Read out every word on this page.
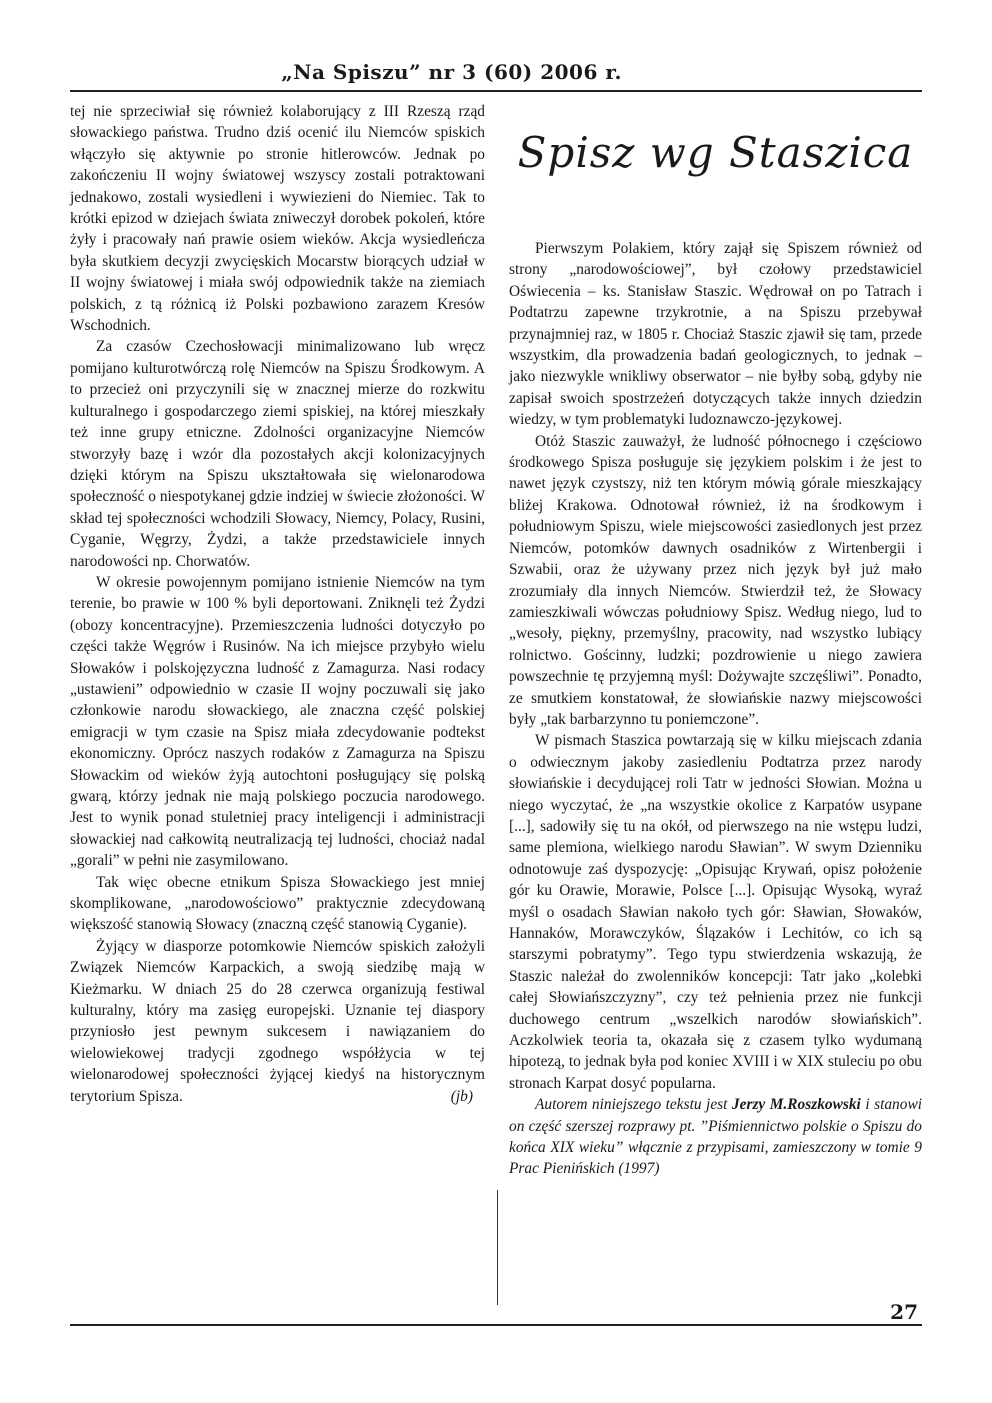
„Na Spiszu” nr 3 (60) 2006 r.

tej nie sprzeciwiał się również kolaborujący z III Rzeszą rząd słowackiego państwa. Trudno dziś ocenić ilu Niemców spiskich włączyło się aktywnie po stronie hitlerowców. Jednak po zakończeniu II wojny światowej wszyscy zostali potraktowani jednakowo, zostali wysiedleni i wywiezieni do Niemiec. Tak to krótki epizod w dziejach świata zniweczył dorobek pokoleń, które żyły i pracowały nań prawie osiem wieków. Akcja wysiedleńcza była skutkiem decyzji zwycięskich Mocarstw biorących udział w II wojny światowej i miała swój odpowiednik także na ziemiach polskich, z tą różnicą iż Polski pozbawiono zarazem Kresów Wschodnich.

Za czasów Czechosłowacji minimalizowano lub wręcz pomijano kulturotwórczą rolę Niemców na Spiszu Środkowym. A to przecież oni przyczynili się w znacznej mierze do rozkwitu kulturalnego i gospodarczego ziemi spiskiej, na której mieszkały też inne grupy etniczne. Zdolności organizacyjne Niemców stworzyły bazę i wzór dla pozostałych akcji kolonizacyjnych dzięki którym na Spiszu ukształtowała się wielonarodowa społeczność o niespotykanej gdzie indziej w świecie złożoności. W skład tej społeczności wchodzili Słowacy, Niemcy, Polacy, Rusini, Cyganie, Węgrzy, Żydzi, a także przedstawiciele innych narodowości np. Chorwatów.

W okresie powojennym pomijano istnienie Niemców na tym terenie, bo prawie w 100 % byli deportowani. Zniknęli też Żydzi (obozy koncentracyjne). Przemieszczenia ludności dotyczyło po części także Węgrów i Rusinów. Na ich miejsce przybyło wielu Słowaków i polskojęzyczna ludność z Zamagurza. Nasi rodacy „ustawieni” odpowiednio w czasie II wojny poczuwali się jako członkowie narodu słowackiego, ale znaczna część polskiej emigracji w tym czasie na Spisz miała zdecydowanie podtekst ekonomiczny. Oprócz naszych rodaków z Zamagurza na Spiszu Słowackim od wieków żyją autochtoni posługujący się polską gwarą, którzy jednak nie mają polskiego poczucia narodowego. Jest to wynik ponad stuletniej pracy inteligencji i administracji słowackiej nad całkowitą neutralizacją tej ludności, chociaż nadal „gorali” w pełni nie zasymilowano.

Tak więc obecne etnikum Spisza Słowackiego jest mniej skomplikowane, „narodowościowo” praktycznie zdecydowaną większość stanowią Słowacy (znaczną część stanowią Cyganie).

Żyjący w diasporze potomkowie Niemców spiskich założyli Związek Niemców Karpackich, a swoją siedzibę mają w Kieżmarku. W dniach 25 do 28 czerwca organizują festiwal kulturalny, który ma zasięg europejski. Uznanie tej diaspory przyniosło jest pewnym sukcesem i nawiązaniem do wielowiekowej tradycji zgodnego współżycia w tej wielonarodowej społeczności żyjącej kiedyś na historycznym terytorium Spisza.	(jb)

Spisz wg Staszica

Pierwszym Polakiem, który zajął się Spiszem również od strony „narodowościowej”, był czołowy przedstawiciel Oświecenia – ks. Stanisław Staszic. Wędrował on po Tatrach i Podtatrzu zapewne trzykrotnie, a na Spiszu przebywał przynajmniej raz, w 1805 r. Chociaż Staszic zjawił się tam, przede wszystkim, dla prowadzenia badań geologicznych, to jednak – jako niezwykle wnikliwy obserwator – nie byłby sobą, gdyby nie zapisał swoich spostrzeżeń dotyczących także innych dziedzin wiedzy, w tym problematyki ludoznawczo-językowej.

Otóż Staszic zauważył, że ludność północnego i częściowo środkowego Spisza posługuje się językiem polskim i że jest to nawet język czystszy, niż ten którym mówią górale mieszkający bliżej Krakowa. Odnotował również, iż na środkowym i południowym Spiszu, wiele miejscowości zasiedlonych jest przez Niemców, potomków dawnych osadników z Wirtenbergii i Szwabii, oraz że używany przez nich język był już mało zrozumiały dla innych Niemców. Stwierdził też, że Słowacy zamieszkiwali wówczas południowy Spisz. Według niego, lud to „wesoły, piękny, przemyślny, pracowity, nad wszystko lubiący rolnictwo. Gościnny, ludzki; pozdrowienie u niego zawiera powszechnie tę przyjemną myśl: Dożywajte szczęśliwi”. Ponadto, ze smutkiem konstatował, że słowiańskie nazwy miejscowości były „tak barbarzynno tu poniemczone”.

W pismach Staszica powtarzają się w kilku miejscach zdania o odwiecznym jakoby zasiedleniu Podtatrza przez narody słowiańskie i decydującej roli Tatr w jedności Słowian. Można u niego wyczytać, że „na wszystkie okolice z Karpatów usypane [...], sadowiły się tu na okół, od pierwszego na nie wstępu ludzi, same plemiona, wielkiego narodu Sławian”. W swym Dzienniku odnotowuje zaś dyspozycję: „Opisując Krywań, opisz położenie gór ku Orawie, Morawie, Polsce [...]. Opisując Wysoką, wyraź myśl o osadach Sławian nakoło tych gór: Sławian, Słowaków, Hannaków, Morawczyków, Ślązaków i Lechitów, co ich są starszymi pobratymy”. Tego typu stwierdzenia wskazują, że Staszic należał do zwolenników koncepcji: Tatr jako „kolebki całej Słowiańszczyzny”, czy też pełnienia przez nie funkcji duchowego centrum „wszelkich narodów słowiańskich”. Aczkolwiek teoria ta, okazała się z czasem tylko wydumaną hipotezą, to jednak była pod koniec XVIII i w XIX stuleciu po obu stronach Karpat dosyć popularna.

Autorem niniejszego tekstu jest Jerzy M.Roszkowski i stanowi on część szerszej rozprawy pt. ”Piśmiennictwo polskie o Spiszu do końca XIX wieku” włącznie z przypisami, zamieszczony w tomie 9 Prac Pienińskich (1997)

27
